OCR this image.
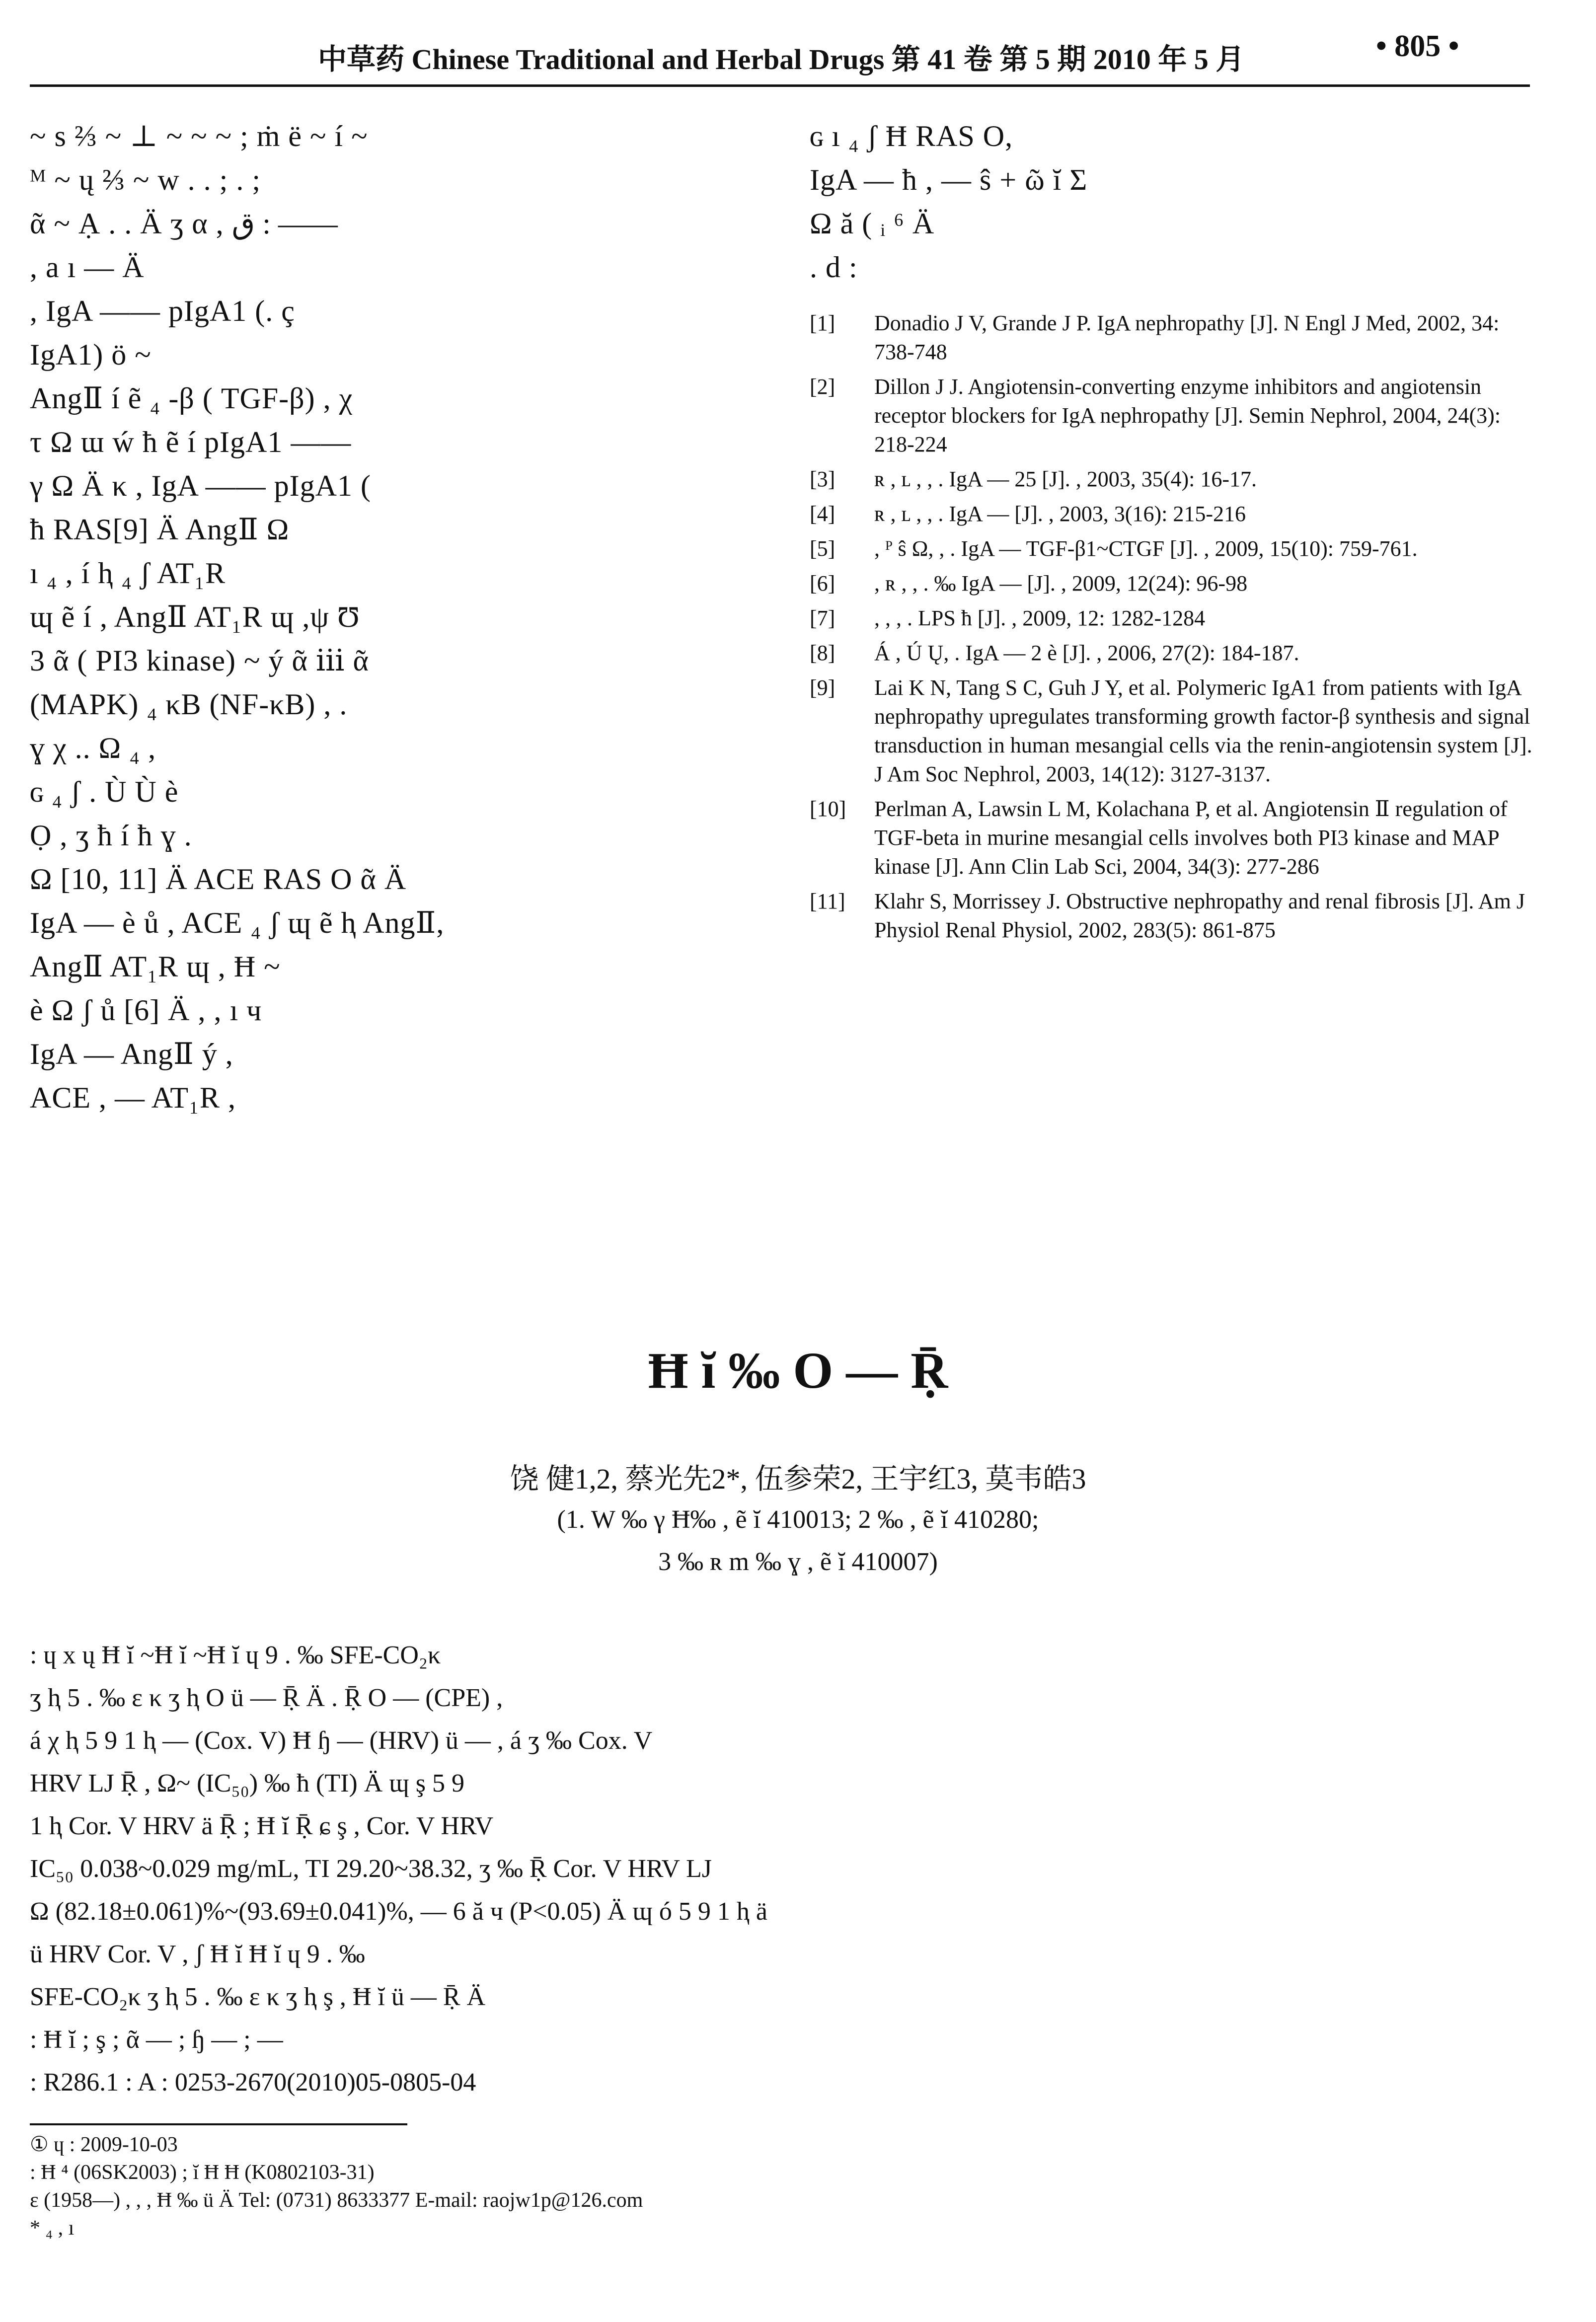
中草药 Chinese Traditional and Herbal Drugs 第 41 卷 第 5 期 2010 年 5 月	• 805 •
~ s ⅔ ~ ⊥ ~ ~ ~ ; ṁ ë ~ í ~
ᴹ ~ ų ⅔ ~ w . . ; . ;
ᾶ ~ Ạ . . Ä ʒ α , ق : ——
, a ı — Ä
, IgA —— pIgA1 (. ç
IgA1) ö ~
AngⅡ í ẽ ₄ -β ( TGF-β) , χ
τ Ω ɯ ẃ ħ ẽ í pIgA1 ——
γ Ω Ä κ , IgA —— pIgA1 (
ħ RAS[9] Ä AngⅡ Ω
ı ₄ , í ⱨ ₄ ʃ AT₁R
ɰ ẽ í , AngⅡ AT₁R ɰ ,ψ Ʊ
3 ᾶ ( PI3 kinase) ~ ý ᾶ ⅲ ᾶ
(MAPK) ₄ κB (NF-κB) , .
ɣ χ .. Ω ₄ ,
ɢ ₄ ʃ . Ù Ù è
Ọ , ʒ ħ í ħ ɣ .
Ω [10, 11] Ä ACE RAS O ᾶ Ä
IgA — è ů , ACE ₄ ʃ ɰ ẽ ⱨ AngⅡ,
AngⅡ AT₁R ɰ , Ħ ~
è Ω ʃ ů [6] Ä , , ı ч
IgA — AngⅡ ý ,
ACE , — AT₁R ,
ɢ ı ₄ ʃ Ħ RAS O,
IgA — ħ , — ŝ + ῶ ĭ Σ
Ω ă ( ᵢ ⁶ Ä
. d :
[1]	Donadio J V, Grande J P. IgA nephropathy [J]. N Engl J Med, 2002, 34: 738-748
[2]	Dillon J J. Angiotensin-converting enzyme inhibitors and angiotensin receptor blockers for IgA nephropathy [J]. Semin Nephrol, 2004, 24(3): 218-224
[3]	ʀ , ʟ , , . IgA — 25 [J]. , 2003, 35(4): 16-17.
[4]	ʀ , ʟ , , . IgA — [J]. , 2003, 3(16): 215-216
[5]	, ᴾ ŝ Ω, , . IgA — TGF-β1~CTGF [J]. , 2009, 15(10): 759-761.
[6]	, ʀ , , . ‰ IgA — [J]. , 2009, 12(24): 96-98
[7]	, , , . LPS ħ [J]. , 2009, 12: 1282-1284
[8]	Á , Ú Ų, . IgA — 2 è [J]. , 2006, 27(2): 184-187.
[9]	Lai K N, Tang S C, Guh J Y, et al. Polymeric IgA1 from patients with IgA nephropathy upregulates transforming growth factor-β synthesis and signal transduction in human mesangial cells via the renin-angiotensin system [J]. J Am Soc Nephrol, 2003, 14(12): 3127-3137.
[10]	Perlman A, Lawsin L M, Kolachana P, et al. Angiotensin Ⅱ regulation of TGF-beta in murine mesangial cells involves both PI3 kinase and MAP kinase [J]. Ann Clin Lab Sci, 2004, 34(3): 277-286
[11]	Klahr S, Morrissey J. Obstructive nephropathy and renal fibrosis [J]. Am J Physiol Renal Physiol, 2002, 283(5): 861-875
Ħ ĭ ‰ O — Ṝ
饶 健1,2, 蔡光先2*, 伍参荣2, 王宇红3, 莫韦皓3
(1. W ‰ γ Ħ‰ , ẽ ĭ 410013; 2 ‰ , ẽ ĭ 410280;
3 ‰ ʀ m ‰ ɣ , ẽ ĭ 410007)
: ɥ x ų Ħ ĭ ~Ħ ĭ ~Ħ ĭ ɥ 9 . ‰ SFE-CO₂κ
ʒ ⱨ 5 . ‰ ɛ κ ʒ ⱨ O ü — Ṝ Ä . Ṝ O — (CPE) ,
á χ ⱨ 5 9 1 ⱨ — (Cox. V) Ħ ɧ — (HRV) ü — , á ʒ ‰ Cox. V
HRV LJ Ṝ , Ω~ (IC₅₀) ‰ ħ (TI) Ä ɰ ş 5 9
1 ⱨ Cor. V HRV ä Ṝ ; Ħ ĭ Ṝ ɕ ş , Cor. V HRV
IC₅₀ 0.038~0.029 mg/mL, TI 29.20~38.32, ʒ ‰ Ṝ Cor. V HRV LJ
Ω (82.18±0.061)%~(93.69±0.041)%, — 6 ă ч (P<0.05) Ä ɰ ó 5 9 1 ⱨ ä
ü HRV Cor. V , ʃ Ħ ĭ Ħ ĭ ɥ 9 . ‰
SFE-CO₂κ ʒ ⱨ 5 . ‰ ɛ κ ʒ ⱨ ş , Ħ ĭ ü — Ṝ Ä
: Ħ ĭ ; ş ; ᾶ — ; ɧ — ; —
: R286.1 : A : 0253-2670(2010)05-0805-04
① ɥ : 2009-10-03
: Ħ ⁴ (06SK2003) ; ĭ Ħ Ħ (K0802103-31)
ɛ (1958—) , , , Ħ ‰ ü Ä Tel: (0731) 8633377 E-mail: raojw1p@126.com
* ₄ , ı
